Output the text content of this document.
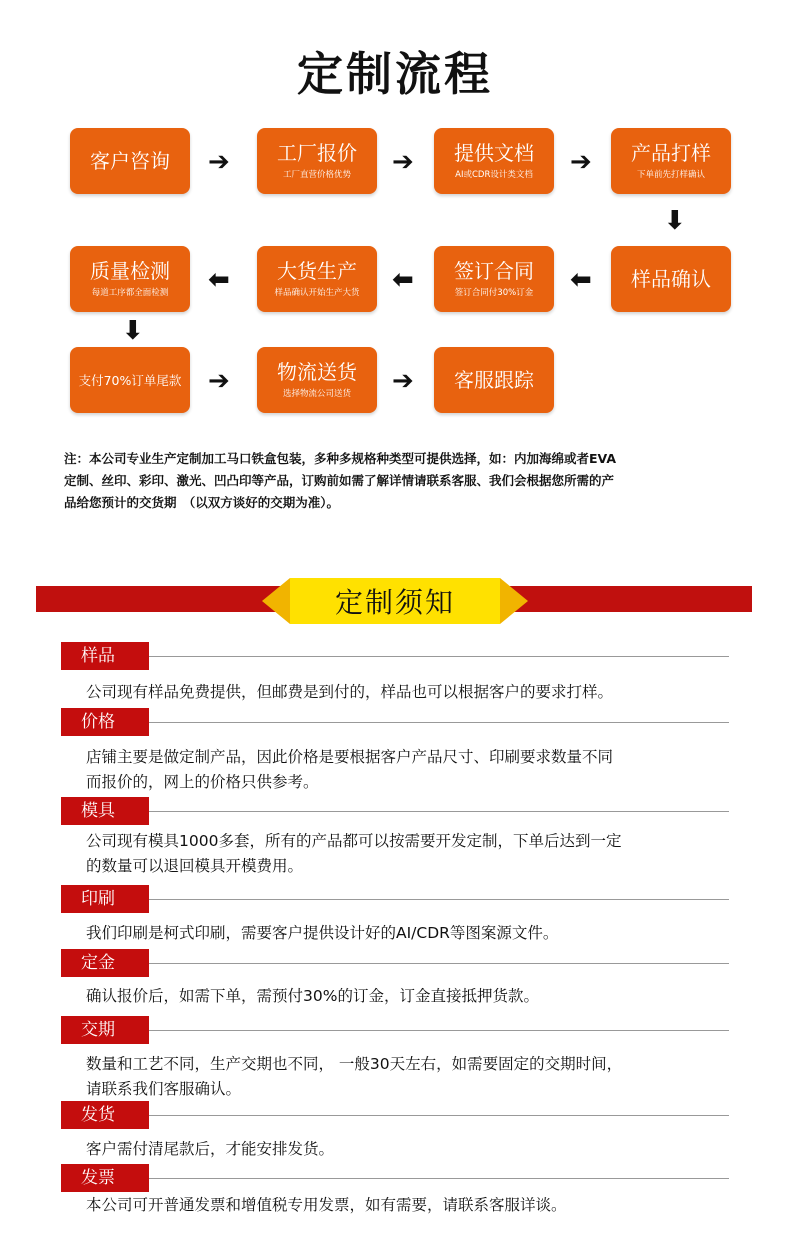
定制流程
客户咨询 ➔ 工厂报价
工厂直营价格优势 ➔ 提供文档
AI或CDR设计类文档 ➔ 产品打样
下单前先打样确认
⬇
质量检测
每道工序都全面检测 ⬅ 大货生产
样品确认开始生产大货 ⬅ 签订合同
签订合同付30%订金 ⬅ 样品确认
⬇
支付70%订单尾款 ➔ 物流送货
选择物流公司送货 ➔ 客服跟踪
注：本公司专业生产定制加工马口铁盒包装，多种多规格种类型可提供选择，如：内加海绵或者EVA
定制、丝印、彩印、激光、凹凸印等产品，订购前如需了解详情请联系客服、我们会根据您所需的产
品给您预计的交货期　（以双方谈好的交期为准）。
定制须知
样品
公司现有样品免费提供，但邮费是到付的，样品也可以根据客户的要求打样。
价格
店铺主要是做定制产品，因此价格是要根据客户产品尺寸、印刷要求数量不同
而报价的，网上的价格只供参考。
模具
公司现有模具1000多套，所有的产品都可以按需要开发定制，下单后达到一定
的数量可以退回模具开模费用。
印刷
我们印刷是柯式印刷，需要客户提供设计好的AI/CDR等图案源文件。
定金
确认报价后，如需下单，需预付30%的订金，订金直接抵押货款。
交期
数量和工艺不同，生产交期也不同， 一般30天左右，如需要固定的交期时间，
请联系我们客服确认。
发货
客户需付清尾款后，才能安排发货。
发票
本公司可开普通发票和增值税专用发票，如有需要，请联系客服详谈。
